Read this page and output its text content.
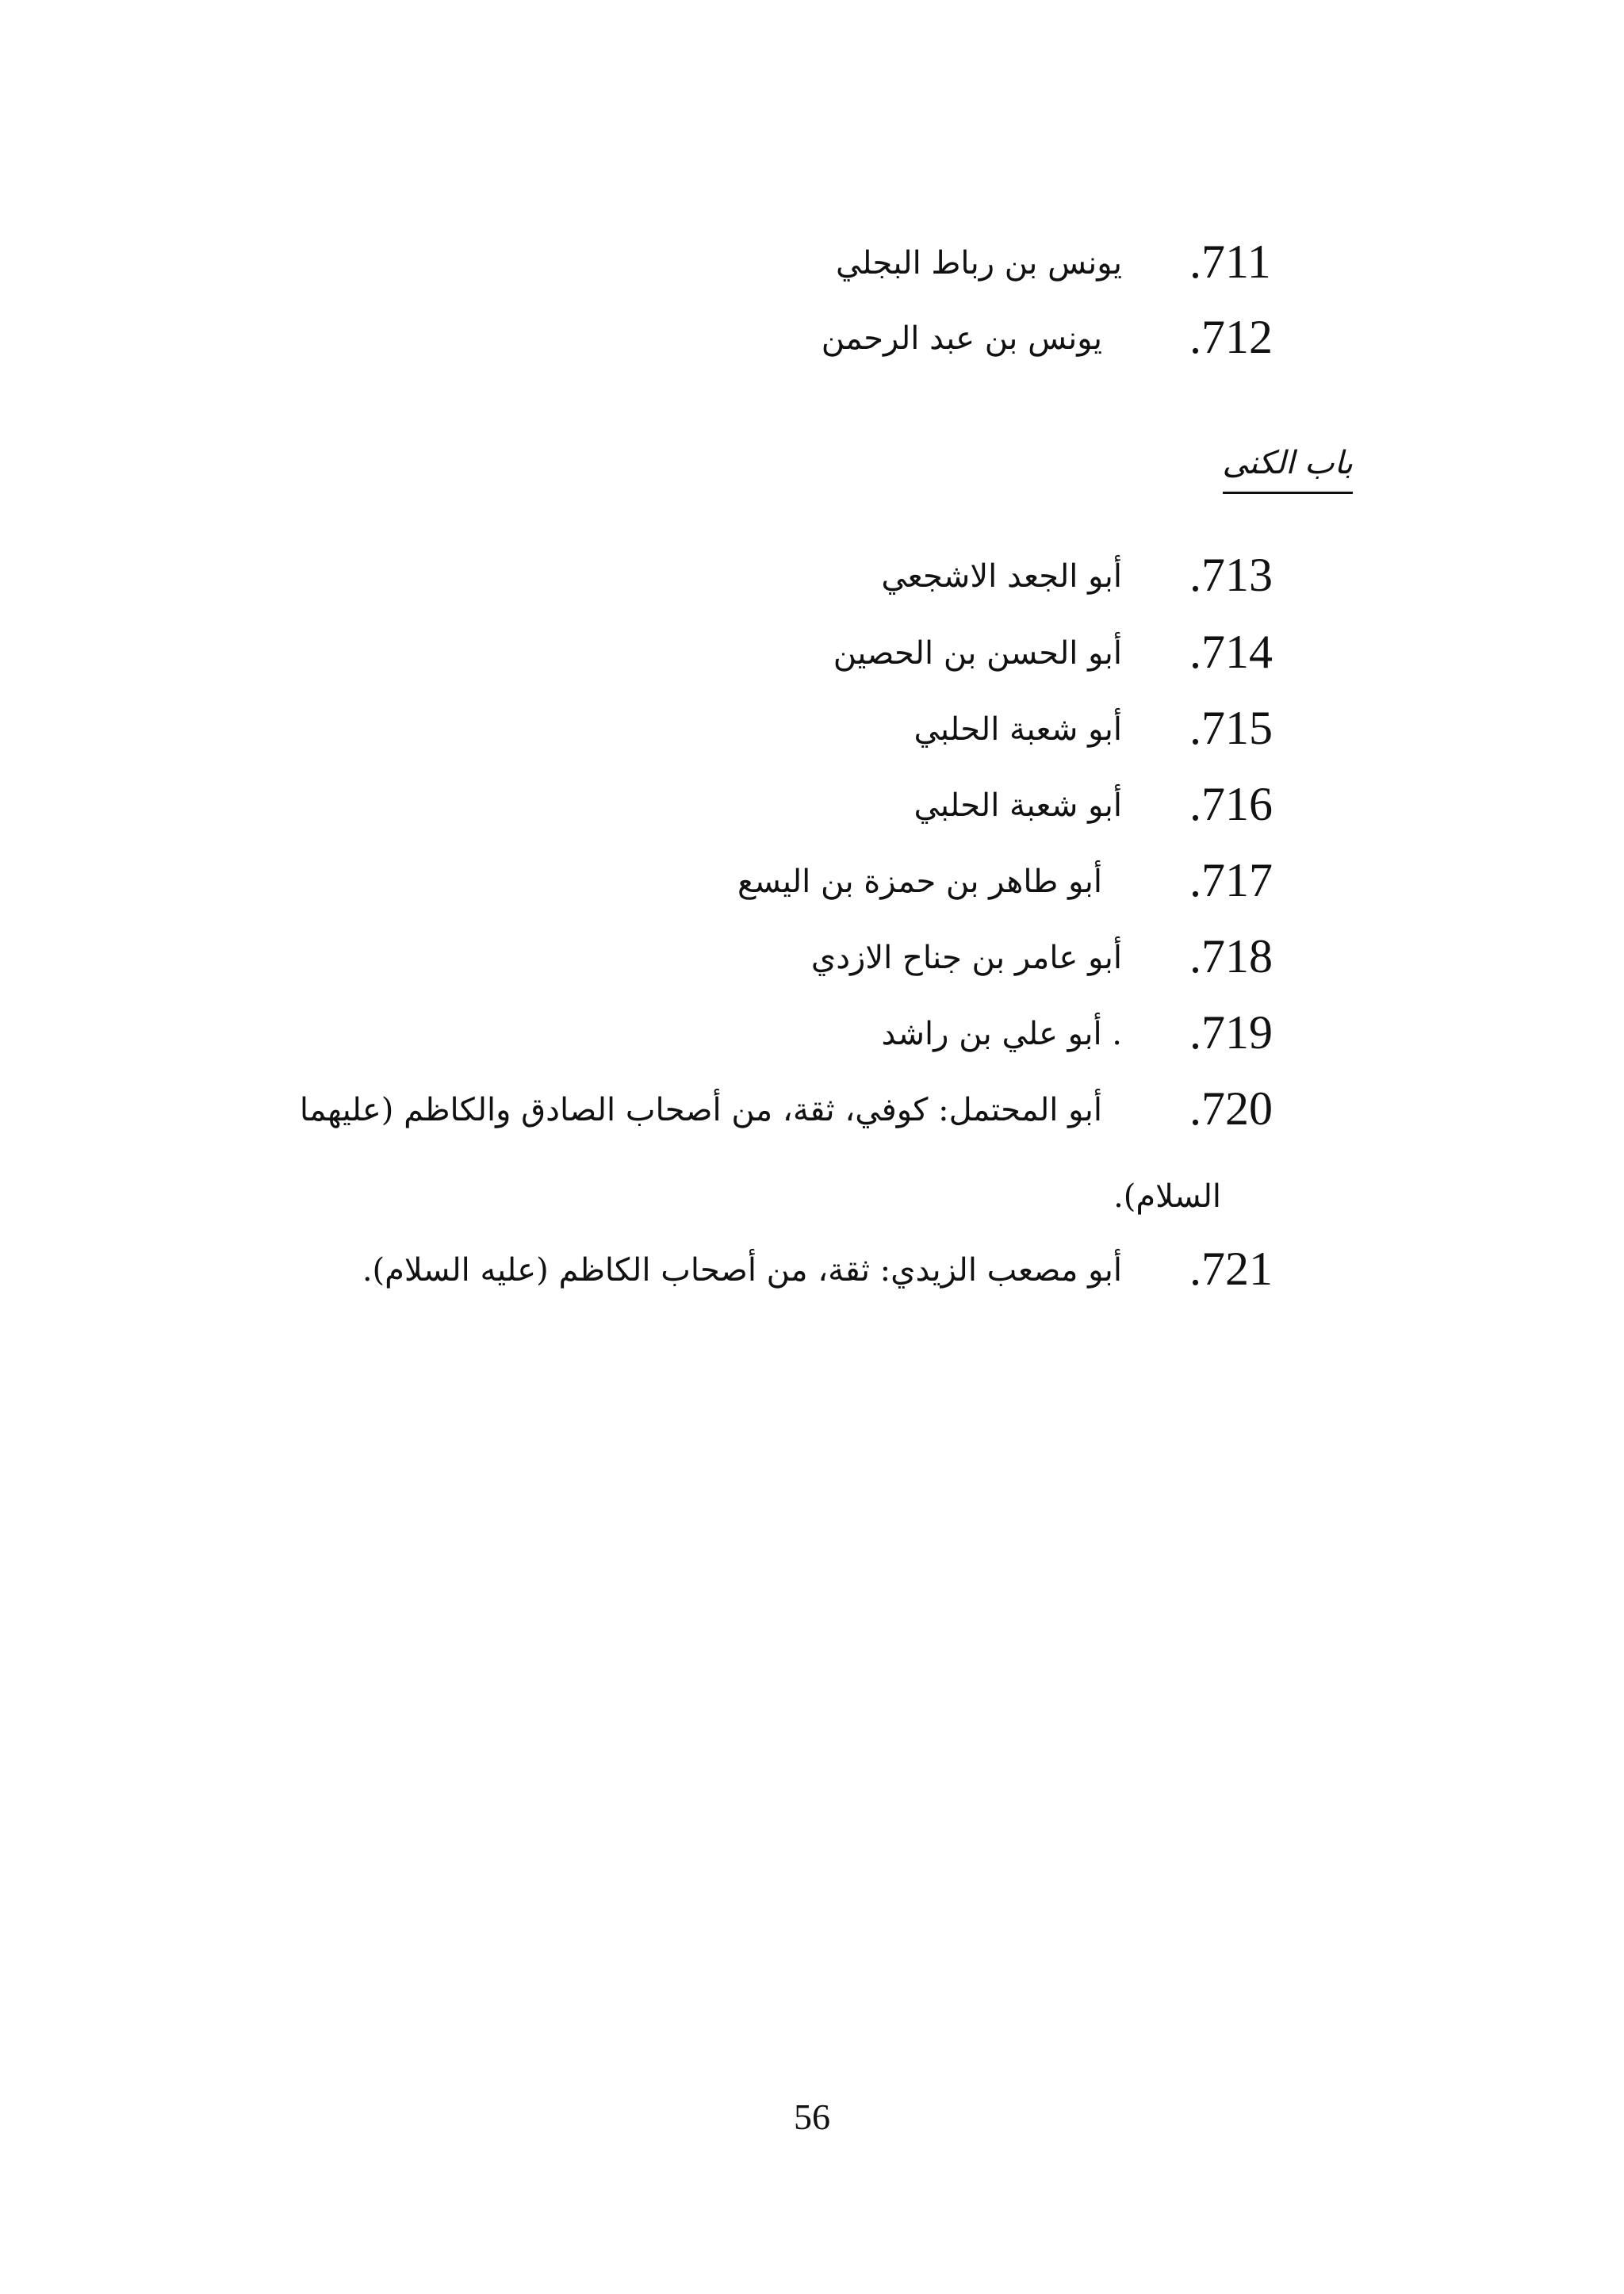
.711
يونس بن رباط البجلي
.712
يونس بن عبد الرحمن
باب الكنى
.713
أبو الجعد الاشجعي
.714
أبو الحسن بن الحصين
.715
أبو شعبة الحلبي
.716
أبو شعبة الحلبي
.717
أبو طاهر بن حمزة بن اليسع
.718
أبو عامر بن جناح الازدي
.719
. أبو علي بن راشد
.720
أبو المحتمل: كوفي، ثقة، من أصحاب الصادق والكاظم (عليهما
السلام).
.721
أبو مصعب الزيدي: ثقة، من أصحاب الكاظم (عليه السلام).
56
